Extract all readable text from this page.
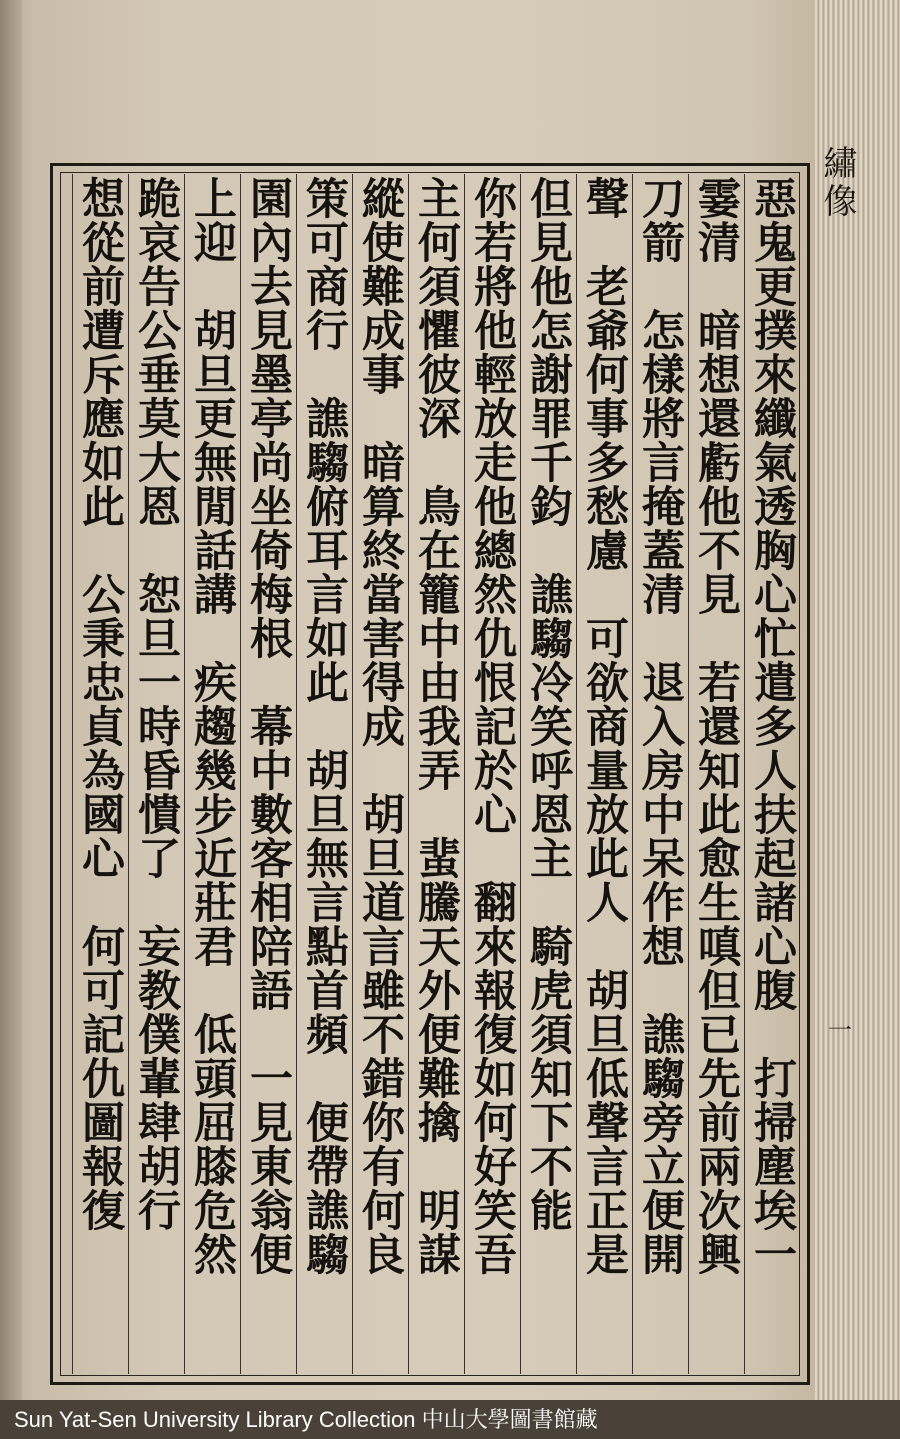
繡像
一
惡鬼更撲來纖氣透胸心忙遣多人扶起諸心腹　打掃塵埃一
霎清　暗想還虧他不見　若還知此愈生嗔但已先前兩次興
刀箭　怎樣將言掩蓋清　退入房中呆作想　譙騶旁立便開
聲　老爺何事多愁慮　可欲商量放此人　胡旦低聲言正是
但見他怎謝罪千鈞　譙騶冷笑呼恩主　騎虎須知下不能
你若將他輕放走他總然仇恨記於心　翻來報復如何好笑吾
主何須懼彼深　鳥在籠中由我弄　蜚騰天外便難擒　明謀
縱使難成事　暗算終當害得成　胡旦道言雖不錯你有何良
策可商行　譙騶俯耳言如此　胡旦無言點首頻　便帶譙騶
園內去見墨亭尚坐倚梅根　幕中數客相陪語　一見東翁便
上迎　胡旦更無閒話講　疾趨幾步近莊君　低頭屈膝危然
跪哀告公垂莫大恩　恕旦一時昏憒了　妄教僕輩肆胡行
想從前遭斥應如此　公秉忠貞為國心　何可記仇圖報復
Sun Yat-Sen University Library Collection 中山大學圖書館藏
